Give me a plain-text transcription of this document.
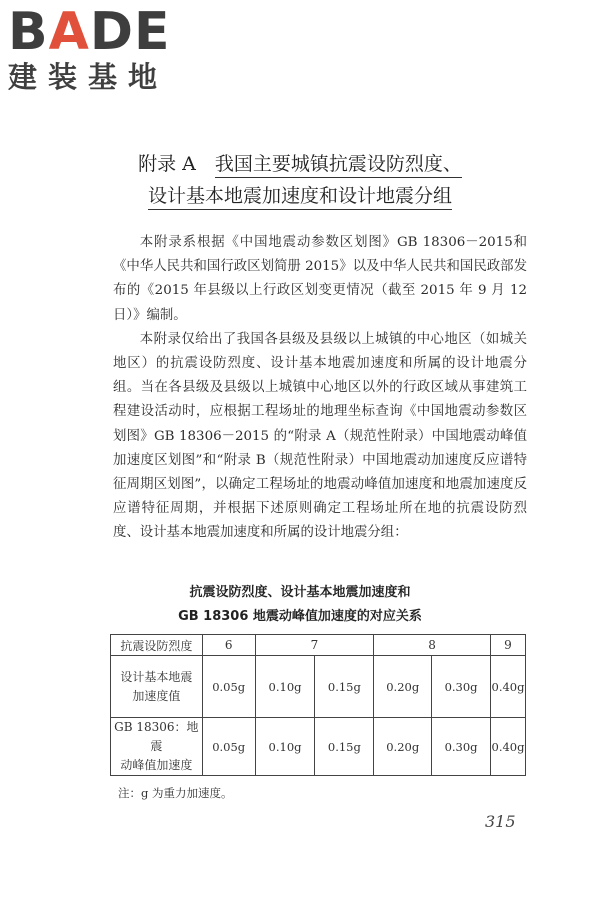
BADE
建装基地
附录 A　我国主要城镇抗震设防烈度、
设计基本地震加速度和设计地震分组

本附录系根据《中国地震动参数区划图》GB 18306－2015和《中华人民共和国行政区划简册 2015》以及中华人民共和国民政部发布的《2015 年县级以上行政区划变更情况（截至 2015 年 9 月 12 日）》编制。

本附录仅给出了我国各县级及县级以上城镇的中心地区（如城关地区）的抗震设防烈度、设计基本地震加速度和所属的设计地震分组。当在各县级及县级以上城镇中心地区以外的行政区域从事建筑工程建设活动时，应根据工程场址的地理坐标查询《中国地震动参数区划图》GB 18306－2015 的“附录 A（规范性附录）中国地震动峰值加速度区划图”和“附录 B（规范性附录）中国地震动加速度反应谱特征周期区划图”，以确定工程场址的地震动峰值加速度和地震加速度反应谱特征周期，并根据下述原则确定工程场址所在地的抗震设防烈度、设计基本地震加速度和所属的设计地震分组：

抗震设防烈度、设计基本地震加速度和
GB 18306 地震动峰值加速度的对应关系
抗震设防烈度	6	7		8		9
设计基本地震
加速度值	0.05g	0.10g	0.15g	0.20g	0.30g	0.40g
GB 18306：地震
动峰值加速度	0.05g	0.10g	0.15g	0.20g	0.30g	0.40g
注：g 为重力加速度。
315
